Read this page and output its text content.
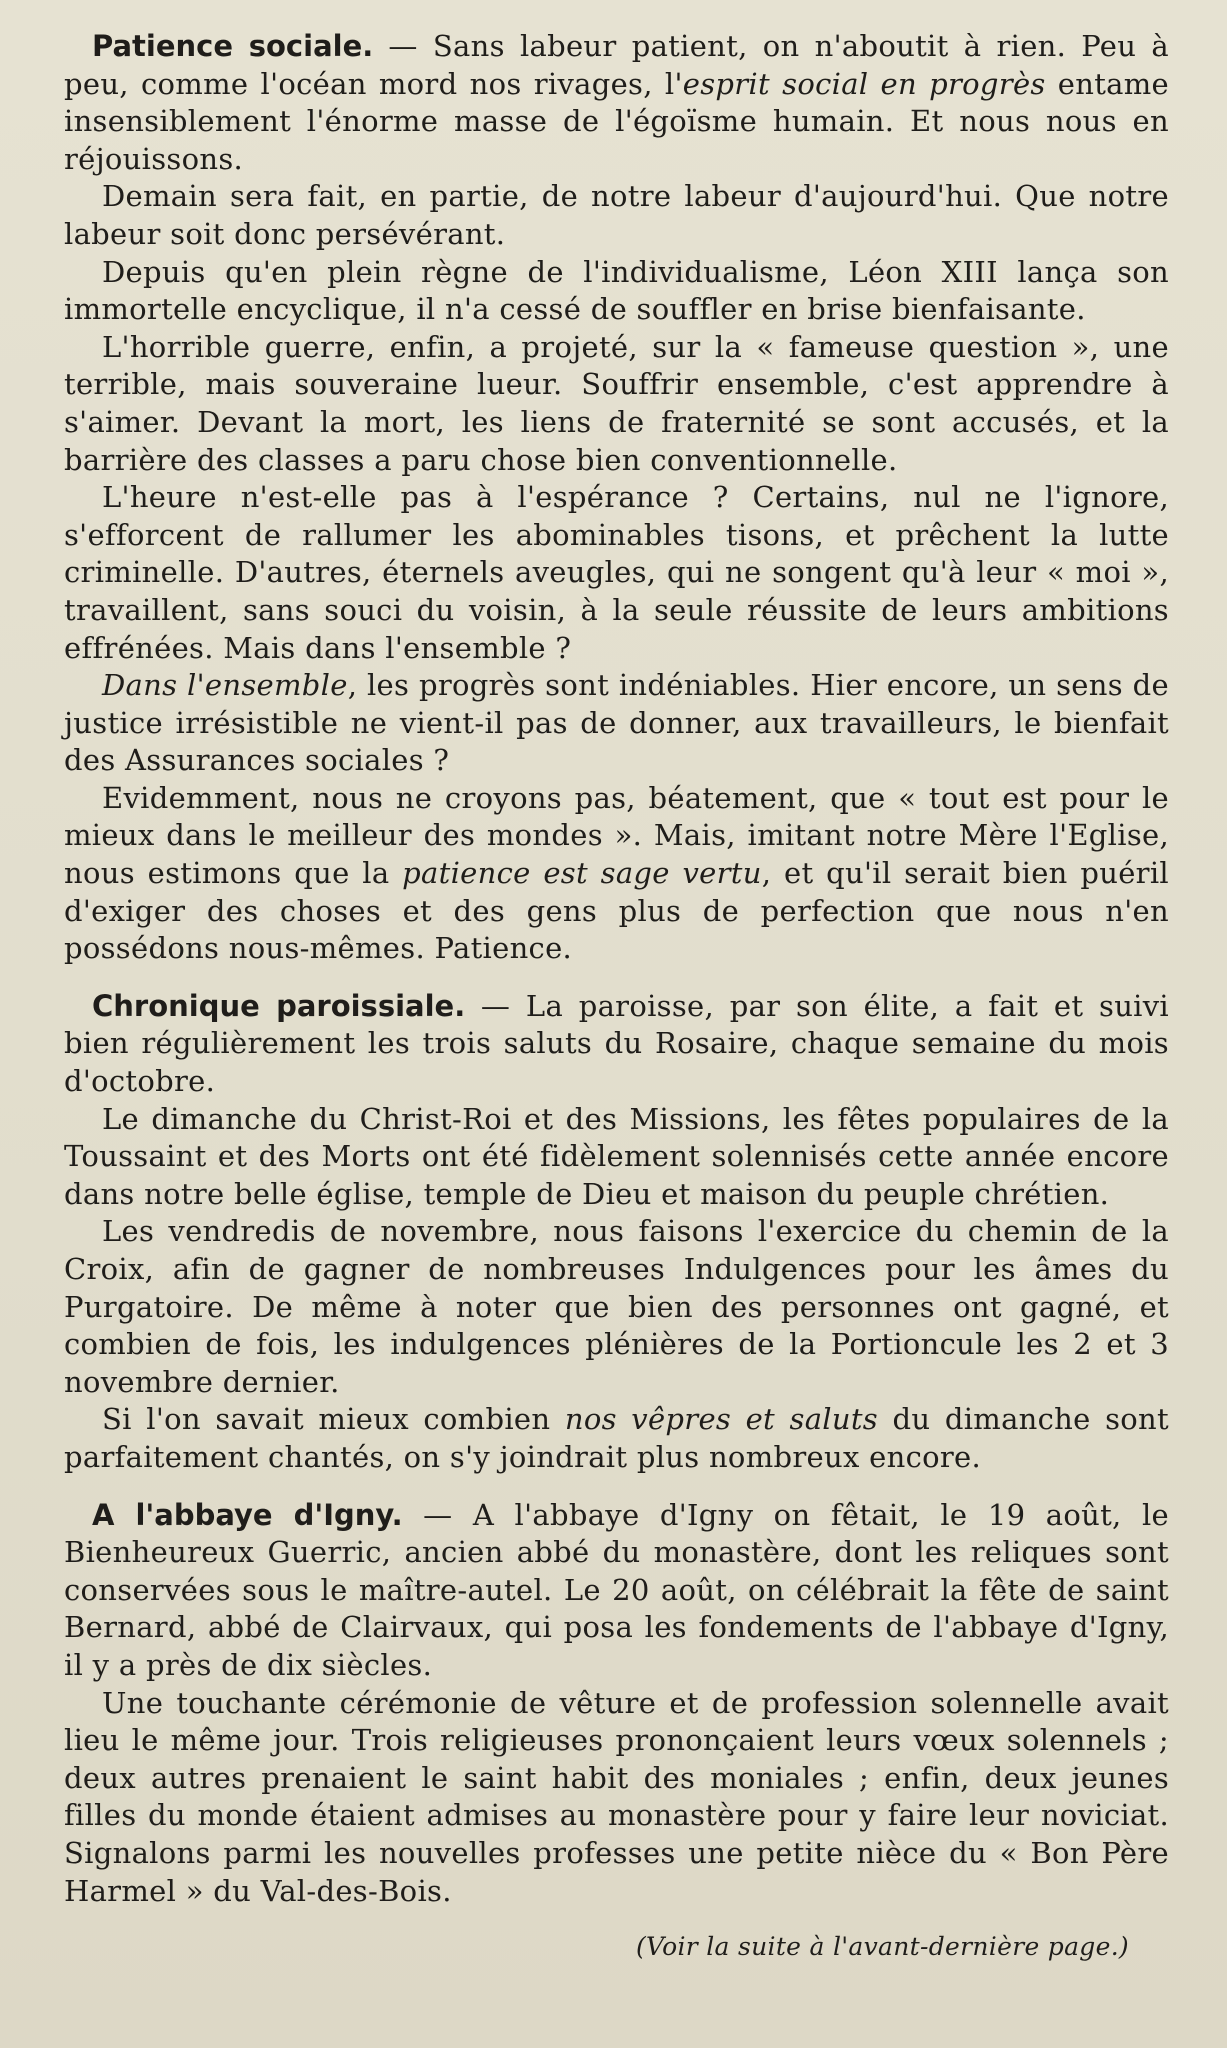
Patience sociale. — Sans labeur patient, on n'aboutit à rien. Peu à peu, comme l'océan mord nos rivages, l'esprit social en progrès entame insensiblement l'énorme masse de l'égoïsme humain. Et nous nous en réjouissons.

Demain sera fait, en partie, de notre labeur d'aujourd'hui. Que notre labeur soit donc persévérant.

Depuis qu'en plein règne de l'individualisme, Léon XIII lança son immortelle encyclique, il n'a cessé de souffler en brise bienfaisante.

L'horrible guerre, enfin, a projeté, sur la « fameuse question », une terrible, mais souveraine lueur. Souffrir ensemble, c'est apprendre à s'aimer. Devant la mort, les liens de fraternité se sont accusés, et la barrière des classes a paru chose bien conventionnelle.

L'heure n'est-elle pas à l'espérance ? Certains, nul ne l'ignore, s'efforcent de rallumer les abominables tisons, et prêchent la lutte criminelle. D'autres, éternels aveugles, qui ne songent qu'à leur « moi », travaillent, sans souci du voisin, à la seule réussite de leurs ambitions effrénées. Mais dans l'ensemble ?

Dans l'ensemble, les progrès sont indéniables. Hier encore, un sens de justice irrésistible ne vient-il pas de donner, aux travailleurs, le bienfait des Assurances sociales ?

Evidemment, nous ne croyons pas, béatement, que « tout est pour le mieux dans le meilleur des mondes ». Mais, imitant notre Mère l'Eglise, nous estimons que la patience est sage vertu, et qu'il serait bien puéril d'exiger des choses et des gens plus de perfection que nous n'en possédons nous-mêmes. Patience.

Chronique paroissiale. — La paroisse, par son élite, a fait et suivi bien régulièrement les trois saluts du Rosaire, chaque semaine du mois d'octobre.

Le dimanche du Christ-Roi et des Missions, les fêtes populaires de la Toussaint et des Morts ont été fidèlement solennisés cette année encore dans notre belle église, temple de Dieu et maison du peuple chrétien.

Les vendredis de novembre, nous faisons l'exercice du chemin de la Croix, afin de gagner de nombreuses Indulgences pour les âmes du Purgatoire. De même à noter que bien des personnes ont gagné, et combien de fois, les indulgences plénières de la Portioncule les 2 et 3 novembre dernier.

Si l'on savait mieux combien nos vêpres et saluts du dimanche sont parfaitement chantés, on s'y joindrait plus nombreux encore.

A l'abbaye d'Igny. — A l'abbaye d'Igny on fêtait, le 19 août, le Bienheureux Guerric, ancien abbé du monastère, dont les reliques sont conservées sous le maître-autel. Le 20 août, on célébrait la fête de saint Bernard, abbé de Clairvaux, qui posa les fondements de l'abbaye d'Igny, il y a près de dix siècles.

Une touchante cérémonie de vêture et de profession solennelle avait lieu le même jour. Trois religieuses prononçaient leurs vœux solennels ; deux autres prenaient le saint habit des moniales ; enfin, deux jeunes filles du monde étaient admises au monastère pour y faire leur noviciat. Signalons parmi les nouvelles professes une petite nièce du « Bon Père Harmel » du Val-des-Bois.

(Voir la suite à l'avant-dernière page.)
